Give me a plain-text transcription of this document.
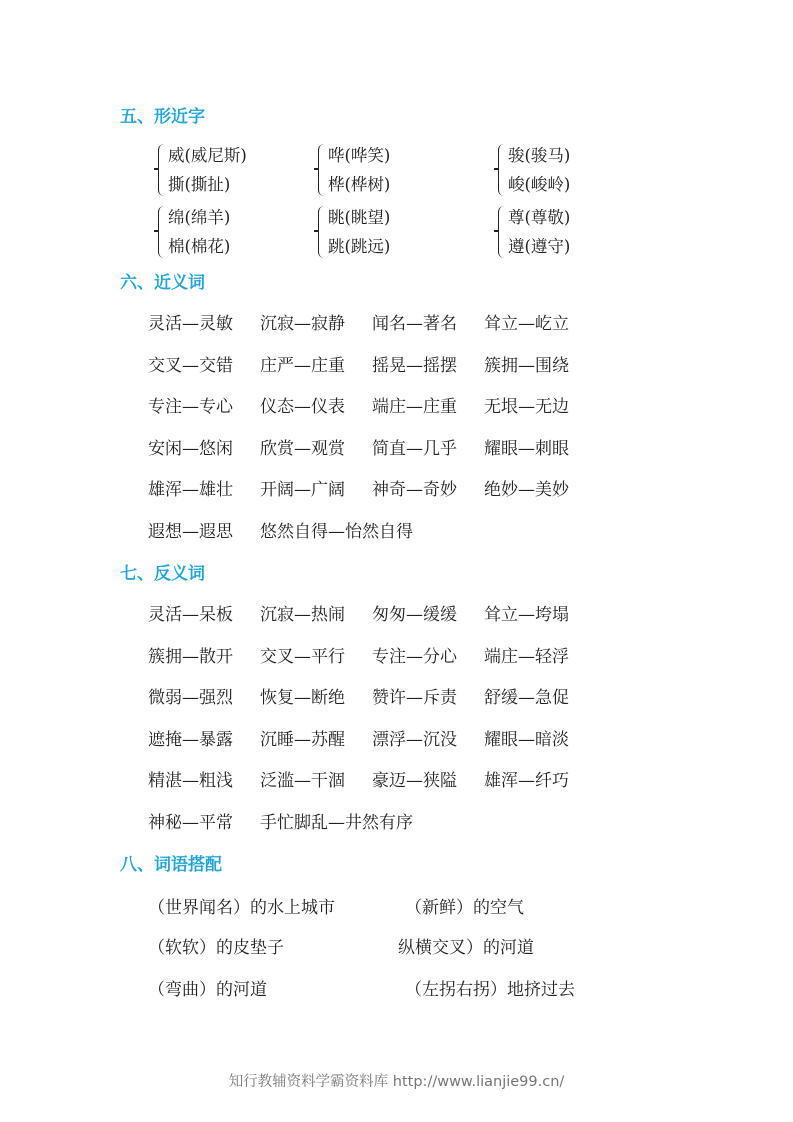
五、形近字
威(威尼斯)
撕(撕扯)
哗(哗笑)
桦(桦树)
骏(骏马)
峻(峻岭)
绵(绵羊)
棉(棉花)
眺(眺望)
跳(跳远)
尊(尊敬)
遵(遵守)
六、近义词
灵活—灵敏 沉寂—寂静 闻名—著名 耸立—屹立
交叉—交错 庄严—庄重 摇晃—摇摆 簇拥—围绕
专注—专心 仪态—仪表 端庄—庄重 无垠—无边
安闲—悠闲 欣赏—观赏 简直—几乎 耀眼—刺眼
雄浑—雄壮 开阔—广阔 神奇—奇妙 绝妙—美妙
遐想—遐思 悠然自得—怡然自得
七、反义词
灵活—呆板 沉寂—热闹 匆匆—缓缓 耸立—垮塌
簇拥—散开 交叉—平行 专注—分心 端庄—轻浮
微弱—强烈 恢复—断绝 赞许—斥责 舒缓—急促
遮掩—暴露 沉睡—苏醒 漂浮—沉没 耀眼—暗淡
精湛—粗浅 泛滥—干涸 豪迈—狭隘 雄浑—纤巧
神秘—平常 手忙脚乱—井然有序
八、词语搭配
（世界闻名）的水上城市
（软软）的皮垫子
（弯曲）的河道
（新鲜）的空气
纵横交叉）的河道
（左拐右拐）地挤过去
知行教辅资料学霸资料库 http://www.lianjie99.cn/
